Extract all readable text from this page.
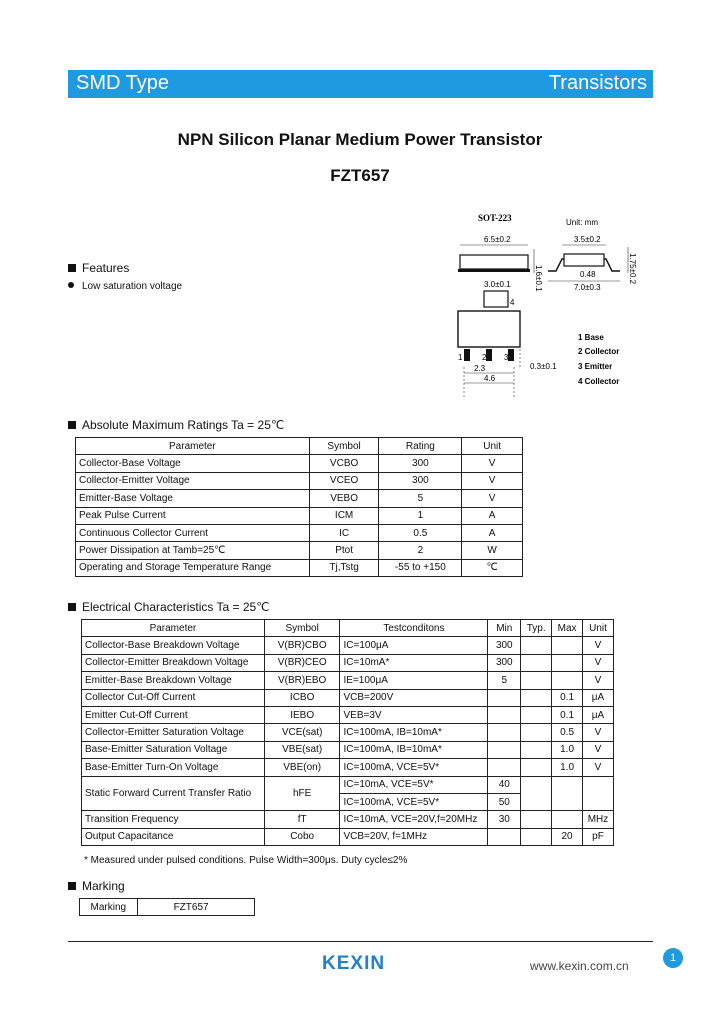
SMD Type	Transistors
NPN Silicon Planar Medium Power Transistor
FZT657
Features
Low saturation voltage
SOT-223	Unit: mm
6.5±0.2
1.6±0.1
3.5±0.2
7.0±0.3
0.48	1.75±0.2
3.0±0.1
4
1 2 3
0.3±0.1
2.3
4.6
1 Base
2 Collector
3 Emitter
4 Collector
Absolute Maximum Ratings Ta = 25℃
Parameter	Symbol	Rating	Unit
Collector-Base Voltage	VCBO	300	V
Collector-Emitter Voltage	VCEO	300	V
Emitter-Base Voltage	VEBO	5	V
Peak Pulse Current	ICM	1	A
Continuous Collector Current	IC	0.5	A
Power Dissipation at Tamb=25℃	Ptot	2	W
Operating and Storage Temperature Range	Tj,Tstg	-55 to +150	℃
Electrical Characteristics Ta = 25℃
Parameter	Symbol	Testconditons	Min	Typ.	Max	Unit
Collector-Base Breakdown Voltage	V(BR)CBO	IC=100μA	300			V
Collector-Emitter Breakdown Voltage	V(BR)CEO	IC=10mA*	300			V
Emitter-Base Breakdown Voltage	V(BR)EBO	IE=100μA	5			V
Collector Cut-Off Current	ICBO	VCB=200V			0.1	μA
Emitter Cut-Off Current	IEBO	VEB=3V			0.1	μA
Collector-Emitter Saturation Voltage	VCE(sat)	IC=100mA, IB=10mA*			0.5	V
Base-Emitter Saturation Voltage	VBE(sat)	IC=100mA, IB=10mA*			1.0	V
Base-Emitter Turn-On Voltage	VBE(on)	IC=100mA, VCE=5V*			1.0	V
Static Forward Current Transfer Ratio	hFE	IC=10mA, VCE=5V*	40			
		IC=100mA, VCE=5V*	50			
Transition Frequency	fT	IC=10mA, VCE=20V,f=20MHz	30			MHz
Output Capacitance	Cobo	VCB=20V, f=1MHz			20	pF
* Measured under pulsed conditions. Pulse Width=300μs. Duty cycle≤2%
Marking
Marking	FZT657
1
KEXIN	www.kexin.com.cn
